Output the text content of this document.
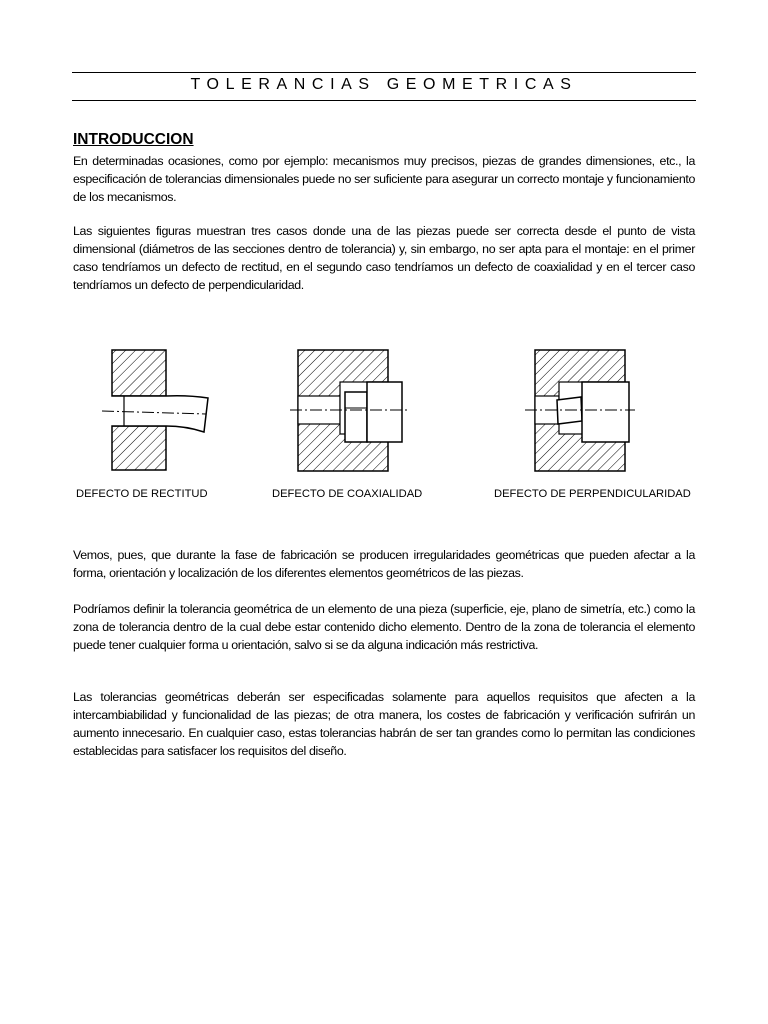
TOLERANCIAS GEOMETRICAS
INTRODUCCION
En determinadas ocasiones, como por ejemplo: mecanismos muy precisos, piezas de grandes dimensiones, etc., la especificación de tolerancias dimensionales puede no ser suficiente para asegurar un correcto montaje y funcionamiento de los mecanismos.
Las siguientes figuras muestran tres casos donde una de las piezas puede ser correcta desde el punto de vista dimensional (diámetros de las secciones dentro de tolerancia) y, sin embargo, no ser apta para el montaje: en el primer caso tendríamos un defecto de rectitud, en el segundo caso tendríamos un defecto de coaxialidad y en el tercer caso tendríamos un defecto de perpendicularidad.
DEFECTO DE RECTITUD	DEFECTO DE COAXIALIDAD	DEFECTO DE PERPENDICULARIDAD
Vemos, pues, que durante la fase de fabricación se producen irregularidades geométricas que pueden afectar a la forma, orientación y localización de los diferentes elementos geométricos de las piezas.
Podríamos definir la tolerancia geométrica de un elemento de una pieza (superficie, eje, plano de simetría, etc.) como la zona de tolerancia dentro de la cual debe estar contenido dicho elemento. Dentro de la zona de tolerancia el elemento puede tener cualquier forma u orientación, salvo si se da alguna indicación más restrictiva.
Las tolerancias geométricas deberán ser especificadas solamente para aquellos requisitos que afecten a la intercambiabilidad y funcionalidad de las piezas; de otra manera, los costes de fabricación y verificación sufrirán un aumento innecesario. En cualquier caso, estas tolerancias habrán de ser tan grandes como lo permitan las condiciones establecidas para satisfacer los requisitos del diseño.
